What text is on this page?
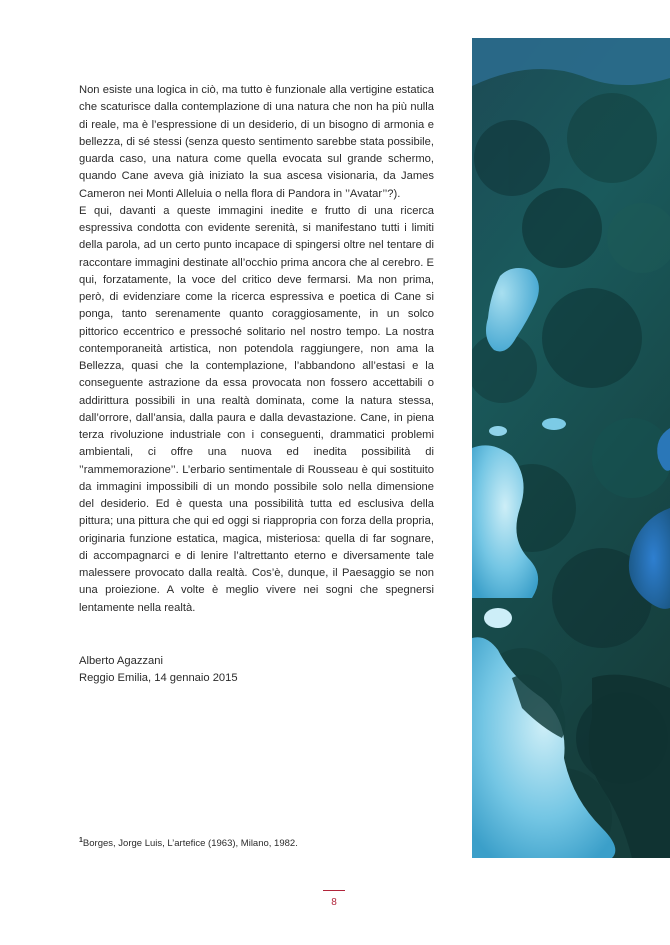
Non esiste una logica in ciò, ma tutto è funzionale alla vertigine estatica che scaturisce dalla contemplazione di una natura che non ha più nulla di reale, ma è l’espressione di un desiderio, di un bisogno di armonia e bellezza, di sé stessi (senza questo sentimento sarebbe stata possibile, guarda caso, una natura come quella evocata sul grande schermo, quando Cane aveva già iniziato la sua ascesa visionaria, da James Cameron nei Monti Alleluia o nella flora di Pandora in ’’Avatar’’?).

E qui, davanti a queste immagini inedite e frutto di una ricerca espressiva condotta con evidente serenità, si manifestano tutti i limiti della parola, ad un certo punto incapace di spingersi oltre nel tentare di raccontare immagini destinate all’occhio prima ancora che al cerebro. E qui, forzatamente, la voce del critico deve fermarsi. Ma non prima, però, di evidenziare come la ricerca espressiva e poetica di Cane si ponga, tanto serenamente quanto coraggiosamente, in un solco pittorico eccentrico e pressoché solitario nel nostro tempo. La nostra contemporaneità artistica, non potendola raggiungere, non ama la Bellezza, quasi che la contemplazione, l’abbandono all’estasi e la conseguente astrazione da essa provocata non fossero accettabili o addirittura possibili in una realtà dominata, come la natura stessa, dall’orrore, dall’ansia, dalla paura e dalla devastazione. Cane, in piena terza rivoluzione industriale con i conseguenti, drammatici problemi ambientali, ci offre una nuova ed inedita possibilità di ’’rammemorazione’’. L’erbario sentimentale di Rousseau è qui sostituito da immagini impossibili di un mondo possibile solo nella dimensione del desiderio. Ed è questa una possibilità tutta ed esclusiva della pittura; una pittura che qui ed oggi si riappropria con forza della propria, originaria funzione estatica, magica, misteriosa: quella di far sognare, di accompagnarci e di lenire l’altrettanto eterno e diversamente tale malessere provocato dalla realtà. Cos’è, dunque, il Paesaggio se non una proiezione. A volte è meglio vivere nei sogni che spegnersi lentamente nella realtà.

Alberto Agazzani
Reggio Emilia, 14 gennaio 2015
$^1$Borges, Jorge Luis, L’artefice (1963), Milano, 1982.
8
